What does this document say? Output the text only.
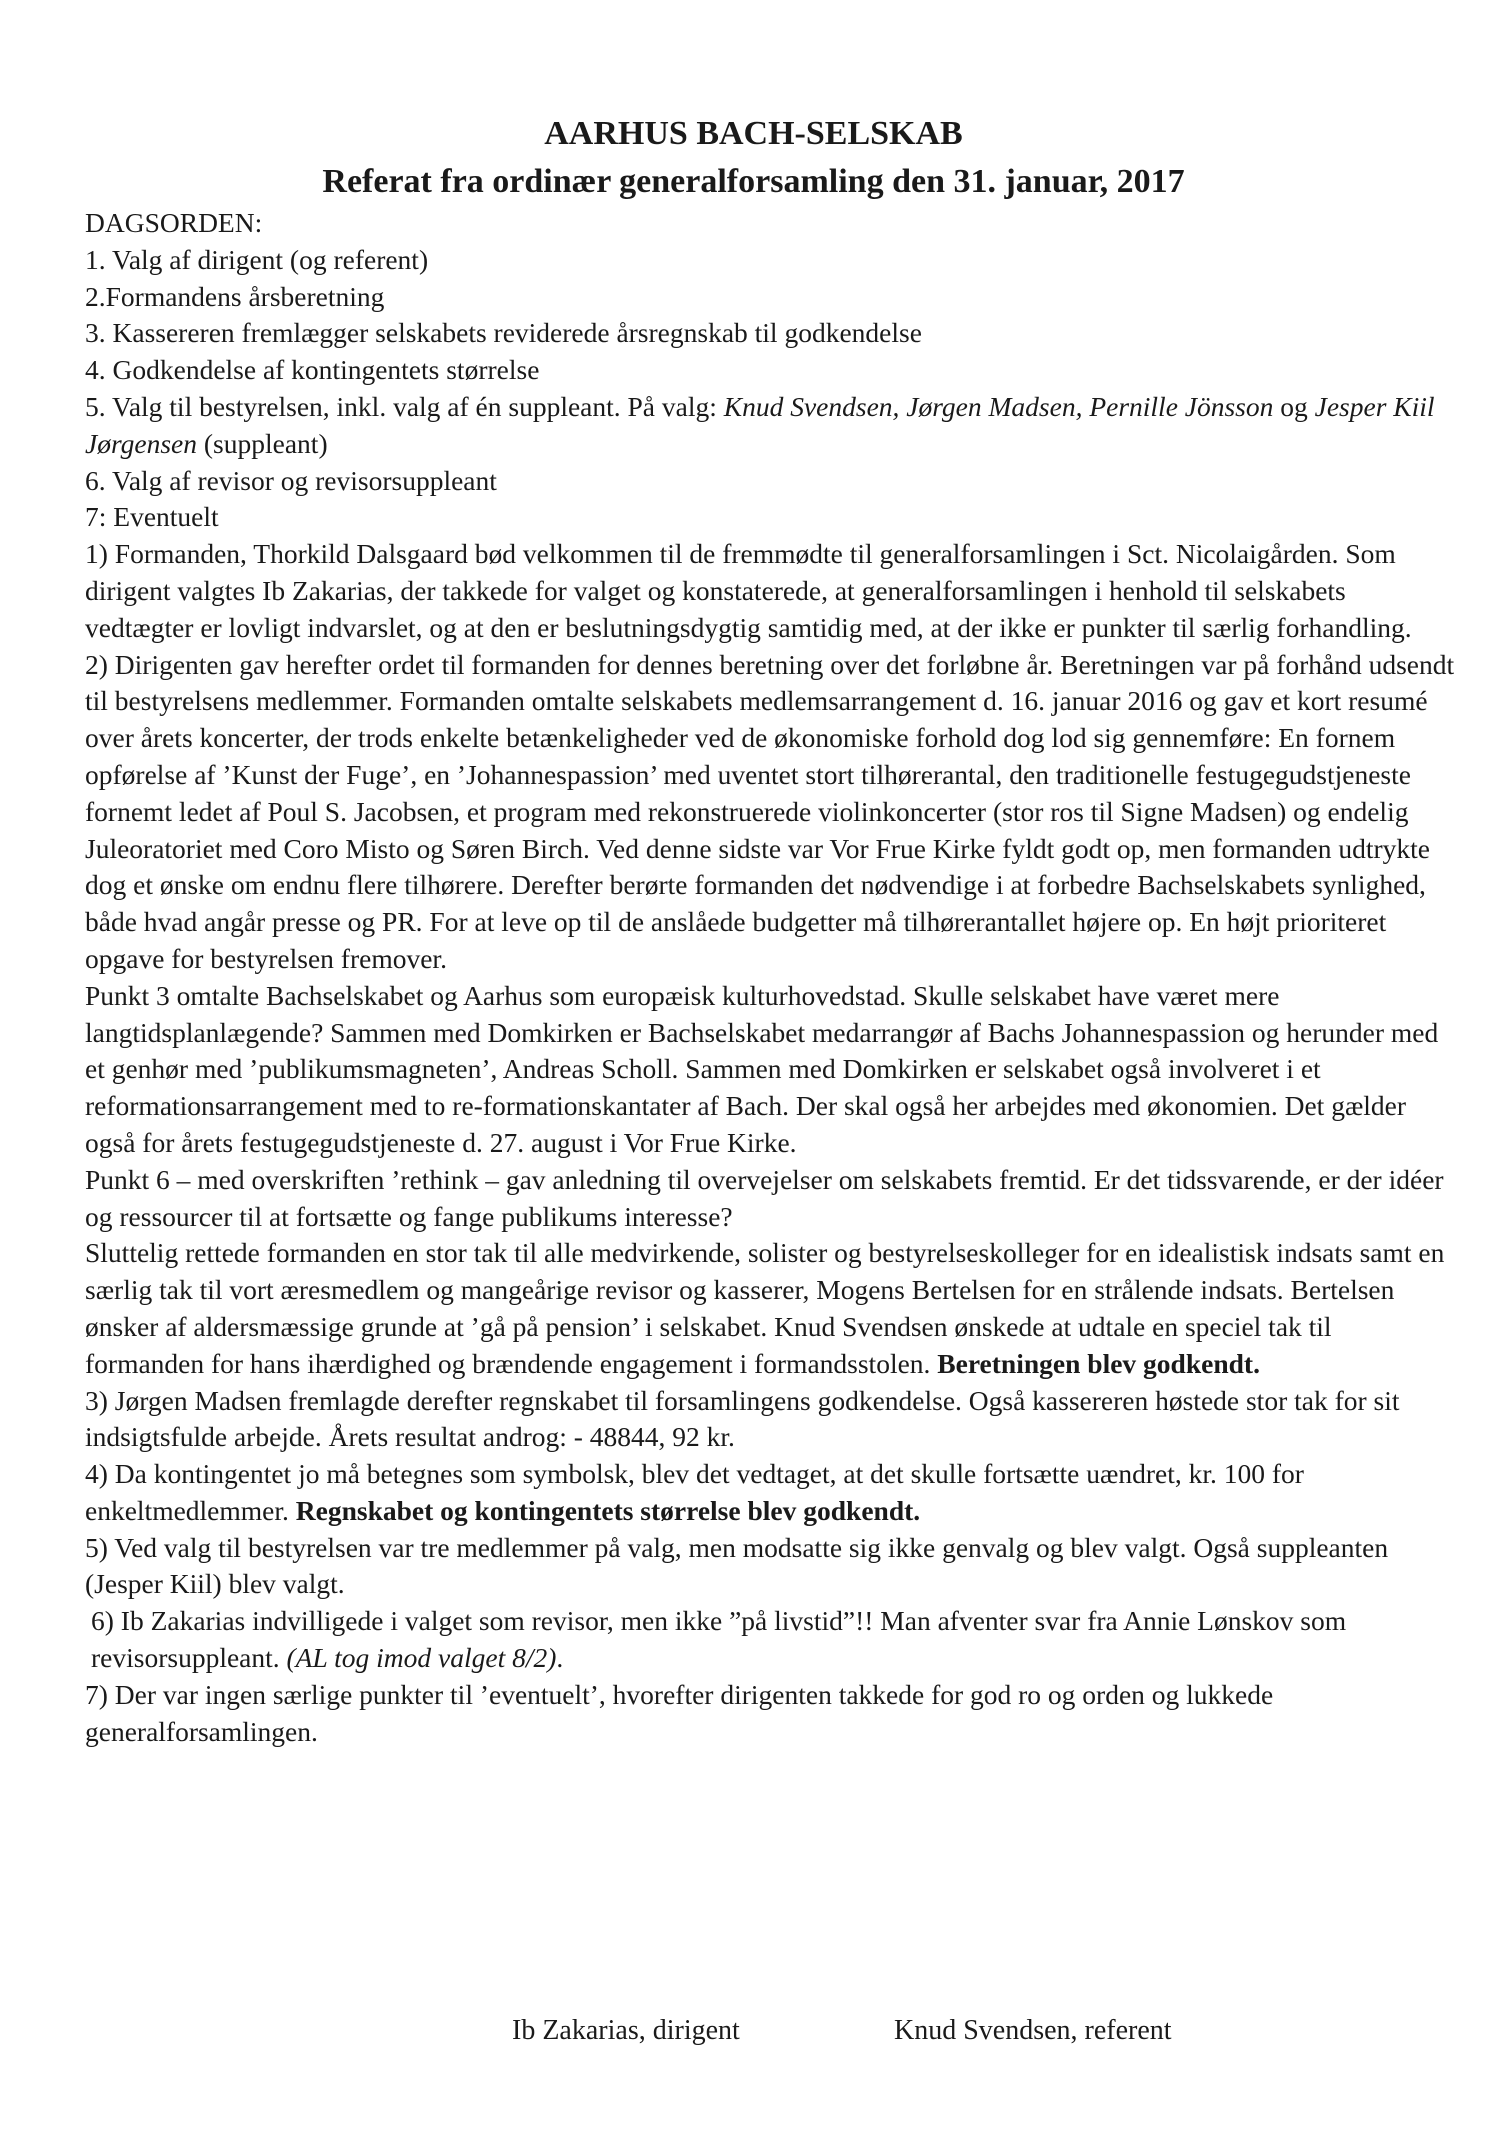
AARHUS BACH-SELSKAB
Referat fra ordinær generalforsamling den 31. januar, 2017

DAGSORDEN:

1. Valg af dirigent (og referent)

2.Formandens årsberetning

3. Kassereren fremlægger selskabets reviderede årsregnskab til godkendelse

4. Godkendelse af kontingentets størrelse

5. Valg til bestyrelsen, inkl. valg af én suppleant. På valg: Knud Svendsen, Jørgen Madsen, Pernille Jönsson og Jesper Kiil Jørgensen (suppleant)

6. Valg af revisor og revisorsuppleant

7: Eventuelt

1) Formanden, Thorkild Dalsgaard bød velkommen til de fremmødte til generalforsamlingen i Sct. Nicolaigården. Som dirigent valgtes Ib Zakarias, der takkede for valget og konstaterede, at generalforsamlingen i henhold til selskabets vedtægter er lovligt indvarslet, og at den er beslutningsdygtig samtidig med, at der ikke er punkter til særlig forhandling.

2) Dirigenten gav herefter ordet til formanden for dennes beretning over det forløbne år. Beretningen var på forhånd udsendt til bestyrelsens medlemmer. Formanden omtalte selskabets medlemsarrangement d. 16. januar 2016 og gav et kort resumé over årets koncerter, der trods enkelte betænkeligheder ved de økonomiske forhold dog lod sig gennemføre: En fornem opførelse af ’Kunst der Fuge’, en ’Johannespassion’ med uventet stort tilhørerantal, den traditionelle festugegudstjeneste fornemt ledet af Poul S. Jacobsen, et program med rekonstruerede violinkoncerter (stor ros til Signe Madsen) og endelig Juleoratoriet med Coro Misto og Søren Birch. Ved denne sidste var Vor Frue Kirke fyldt godt op, men formanden udtrykte dog et ønske om endnu flere tilhørere. Derefter berørte formanden det nødvendige i at forbedre Bachselskabets synlighed, både hvad angår presse og PR. For at leve op til de anslåede budgetter må tilhørerantallet højere op. En højt prioriteret opgave for bestyrelsen fremover.

Punkt 3 omtalte Bachselskabet og Aarhus som europæisk kulturhovedstad. Skulle selskabet have været mere langtidsplanlægende? Sammen med Domkirken er Bachselskabet medarrangør af Bachs Johannespassion og herunder med et genhør med ’publikumsmagneten’, Andreas Scholl. Sammen med Domkirken er selskabet også involveret i et reformationsarrangement med to re-formationskantater af Bach. Der skal også her arbejdes med økonomien. Det gælder også for årets festugegudstjeneste d. 27. august i Vor Frue Kirke.

Punkt 6 – med overskriften ’rethink – gav anledning til overvejelser om selskabets fremtid. Er det tidssvarende, er der idéer og ressourcer til at fortsætte og fange publikums interesse?

Sluttelig rettede formanden en stor tak til alle medvirkende, solister og bestyrelseskolleger for en idealistisk indsats samt en særlig tak til vort æresmedlem og mangeårige revisor og kasserer, Mogens Bertelsen for en strålende indsats. Bertelsen ønsker af aldersmæssige grunde at ’gå på pension’ i selskabet. Knud Svendsen ønskede at udtale en speciel tak til formanden for hans ihærdighed og brændende engagement i formandsstolen. Beretningen blev godkendt.

3) Jørgen Madsen fremlagde derefter regnskabet til forsamlingens godkendelse. Også kassereren høstede stor tak for sit indsigtsfulde arbejde. Årets resultat androg: - 48844, 92 kr.

4) Da kontingentet jo må betegnes som symbolsk, blev det vedtaget, at det skulle fortsætte uændret, kr. 100 for enkeltmedlemmer. Regnskabet og kontingentets størrelse blev godkendt.

5) Ved valg til bestyrelsen var tre medlemmer på valg, men modsatte sig ikke genvalg og blev valgt. Også suppleanten (Jesper Kiil) blev valgt.

6) Ib Zakarias indvilligede i valget som revisor, men ikke ”på livstid”!! Man afventer svar fra Annie Lønskov som revisorsuppleant. (AL tog imod valget 8/2).

7) Der var ingen særlige punkter til ’eventuelt’, hvorefter dirigenten takkede for god ro og orden og lukkede generalforsamlingen.

Ib Zakarias, dirigent	Knud Svendsen, referent
